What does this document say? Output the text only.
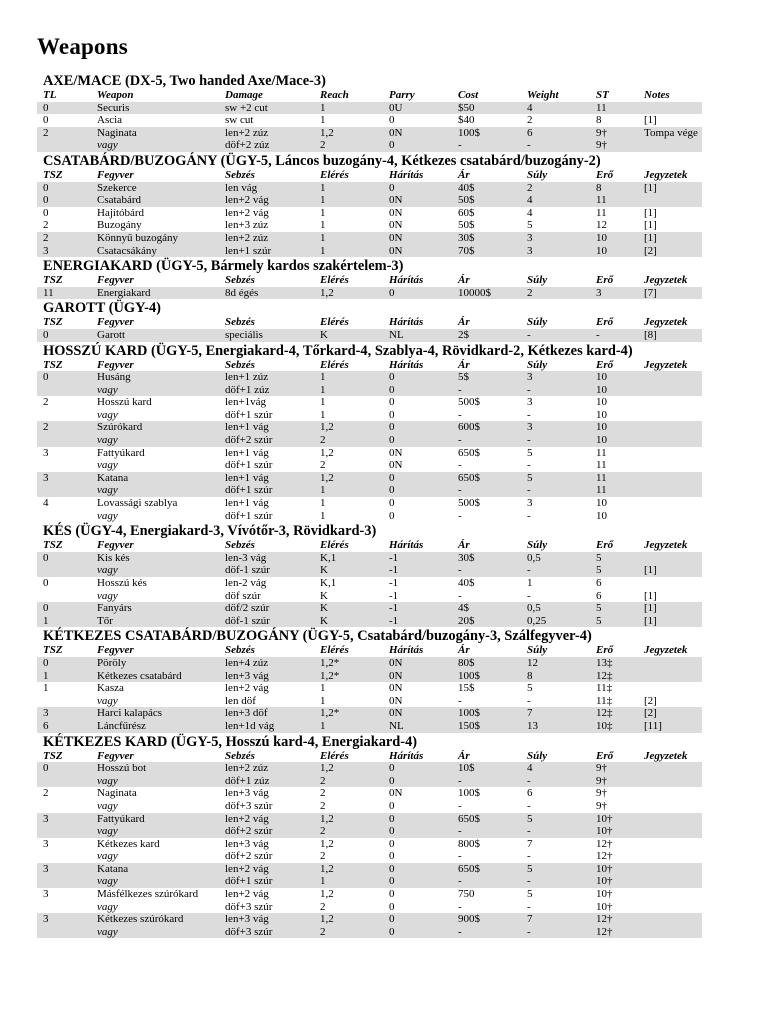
Weapons
AXE/MACE (DX-5, Two handed Axe/Mace-3)
TL	Weapon	Damage	Reach	Parry	Cost	Weight	ST	Notes
0	Securis	sw +2 cut	1	0U	$50	4	11	
0	Ascia	sw cut	1	0	$40	2	8	[1]
2	Naginata	len+2 zúz	1,2	0N	100$	6	9†	Tompa vége
	vagy	döf+2 zúz	2	0	-	-	9†	
CSATABÁRD/BUZOGÁNY (ÜGY-5, Láncos buzogány-4, Kétkezes csatabárd/buzogány-2)
TSZ	Fegyver	Sebzés	Elérés	Hárítás	Ár	Súly	Erő	Jegyzetek
0	Szekerce	len vág	1	0	40$	2	8	[1]
0	Csatabárd	len+2 vág	1	0N	50$	4	11	
0	Hajítóbárd	len+2 vág	1	0N	60$	4	11	[1]
2	Buzogány	len+3 zúz	1	0N	50$	5	12	[1]
2	Könnyű buzogány	len+2 zúz	1	0N	30$	3	10	[1]
3	Csatacsákány	len+1 szúr	1	0N	70$	3	10	[2]
ENERGIAKARD (ÜGY-5, Bármely kardos szakértelem-3)
TSZ	Fegyver	Sebzés	Elérés	Hárítás	Ár	Súly	Erő	Jegyzetek
11	Energiakard	8d égés	1,2	0	10000$	2	3	[7]
GAROTT (ÜGY-4)
TSZ	Fegyver	Sebzés	Elérés	Hárítás	Ár	Súly	Erő	Jegyzetek
0	Garott	speciális	K	NL	2$	-	-	[8]
HOSSZÚ KARD (ÜGY-5, Energiakard-4, Tőrkard-4, Szablya-4, Rövidkard-2, Kétkezes kard-4)
TSZ	Fegyver	Sebzés	Elérés	Hárítás	Ár	Súly	Erő	Jegyzetek
0	Husáng	len+1 zúz	1	0	5$	3	10	
	vagy	döf+1 zúz	1	0	-	-	10	
2	Hosszú kard	len+1vág	1	0	500$	3	10	
	vagy	döf+1 szúr	1	0	-	-	10	
2	Szúrókard	len+1 vág	1,2	0	600$	3	10	
	vagy	döf+2 szúr	2	0	-	-	10	
3	Fattyúkard	len+1 vág	1,2	0N	650$	5	11	
	vagy	döf+1 szúr	2	0N	-	-	11	
3	Katana	len+1 vág	1,2	0	650$	5	11	
	vagy	döf+1 szúr	1	0	-	-	11	
4	Lovassági szablya	len+1 vág	1	0	500$	3	10	
	vagy	döf+1 szúr	1	0	-	-	10	
KÉS (ÜGY-4, Energiakard-3, Vívótőr-3, Rövidkard-3)
TSZ	Fegyver	Sebzés	Elérés	Hárítás	Ár	Súly	Erő	Jegyzetek
0	Kis kés	len-3 vág	K,1	-1	30$	0,5	5	
	vagy	döf-1 szúr	K	-1	-	-	5	[1]
0	Hosszú kés	len-2 vág	K,1	-1	40$	1	6	
	vagy	döf szúr	K	-1	-	-	6	[1]
0	Fanyárs	döf/2 szúr	K	-1	4$	0,5	5	[1]
1	Tőr	döf-1 szúr	K	-1	20$	0,25	5	[1]
KÉTKEZES CSATABÁRD/BUZOGÁNY (ÜGY-5, Csatabárd/buzogány-3, Szálfegyver-4)
TSZ	Fegyver	Sebzés	Elérés	Hárítás	Ár	Súly	Erő	Jegyzetek
0	Pöröly	len+4 zúz	1,2*	0N	80$	12	13‡	
1	Kétkezes csatabárd	len+3 vág	1,2*	0N	100$	8	12‡	
1	Kasza	len+2 vág	1	0N	15$	5	11‡	
	vagy	len döf	1	0N	-	-	11‡	[2]
3	Harci kalapács	len+3 döf	1,2*	0N	100$	7	12‡	[2]
6	Láncfűrész	len+1d vág	1	NL	150$	13	10‡	[11]
KÉTKEZES KARD (ÜGY-5, Hosszú kard-4, Energiakard-4)
TSZ	Fegyver	Sebzés	Elérés	Hárítás	Ár	Súly	Erő	Jegyzetek
0	Hosszú bot	len+2 zúz	1,2	0	10$	4	9†	
	vagy	döf+1 zúz	2	0	-	-	9†	
2	Naginata	len+3 vág	2	0N	100$	6	9†	
	vagy	döf+3 szúr	2	0	-	-	9†	
3	Fattyúkard	len+2 vág	1,2	0	650$	5	10†	
	vagy	döf+2 szúr	2	0	-	-	10†	
3	Kétkezes kard	len+3 vág	1,2	0	800$	7	12†	
	vagy	döf+2 szúr	2	0	-	-	12†	
3	Katana	len+2 vág	1,2	0	650$	5	10†	
	vagy	döf+1 szúr	1	0	-	-	10†	
3	Másfélkezes szúrókard	len+2 vág	1,2	0	750	5	10†	
	vagy	döf+3 szúr	2	0	-	-	10†	
3	Kétkezes szúrókard	len+3 vág	1,2	0	900$	7	12†	
	vagy	döf+3 szúr	2	0	-	-	12†	
